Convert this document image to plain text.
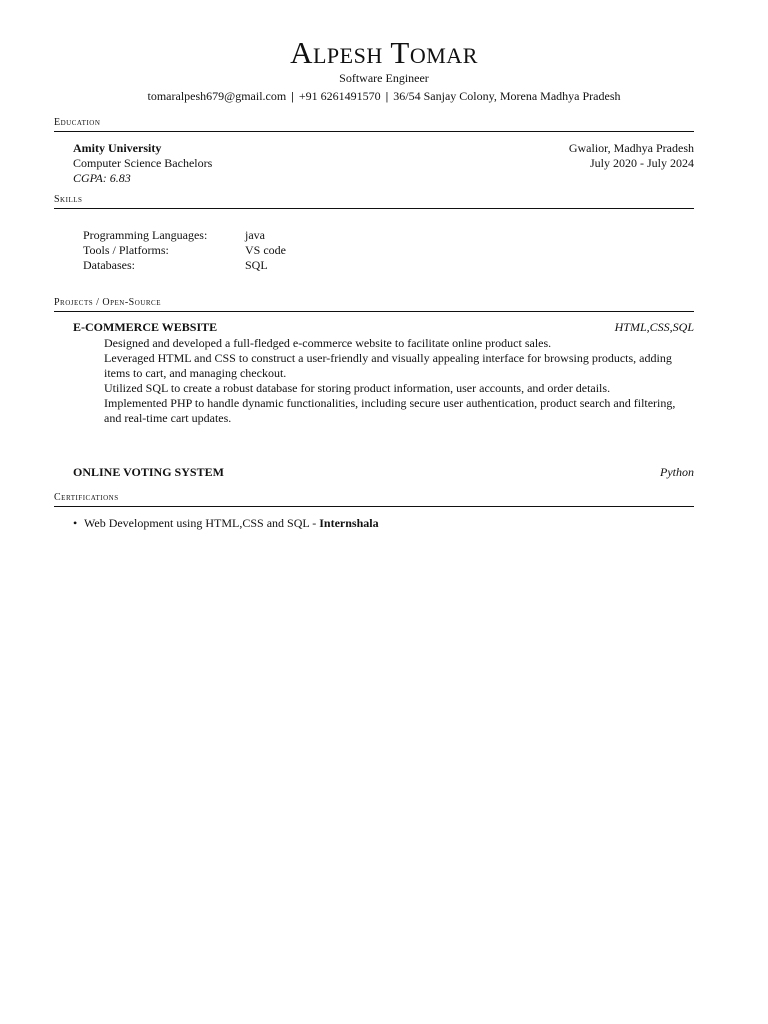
Alpesh Tomar
Software Engineer
tomaralpesh679@gmail.com | +91 6261491570 | 36/54 Sanjay Colony, Morena Madhya Pradesh
Education
Amity University	Gwalior, Madhya Pradesh
Computer Science Bachelors	July 2020 - July 2024
CGPA: 6.83
Skills
Programming Languages:	java
Tools / Platforms:	VS code
Databases:	SQL
Projects / Open-Source
E-COMMERCE WEBSITE	HTML,CSS,SQL

Designed and developed a full-fledged e-commerce website to facilitate online product sales.

Leveraged HTML and CSS to construct a user-friendly and visually appealing interface for browsing products, adding items to cart, and managing checkout.

Utilized SQL to create a robust database for storing product information, user accounts, and order details.

Implemented PHP to handle dynamic functionalities, including secure user authentication, product search and filtering, and real-time cart updates.

ONLINE VOTING SYSTEM	Python
Certifications
• Web Development using HTML,CSS and SQL - Internshala
